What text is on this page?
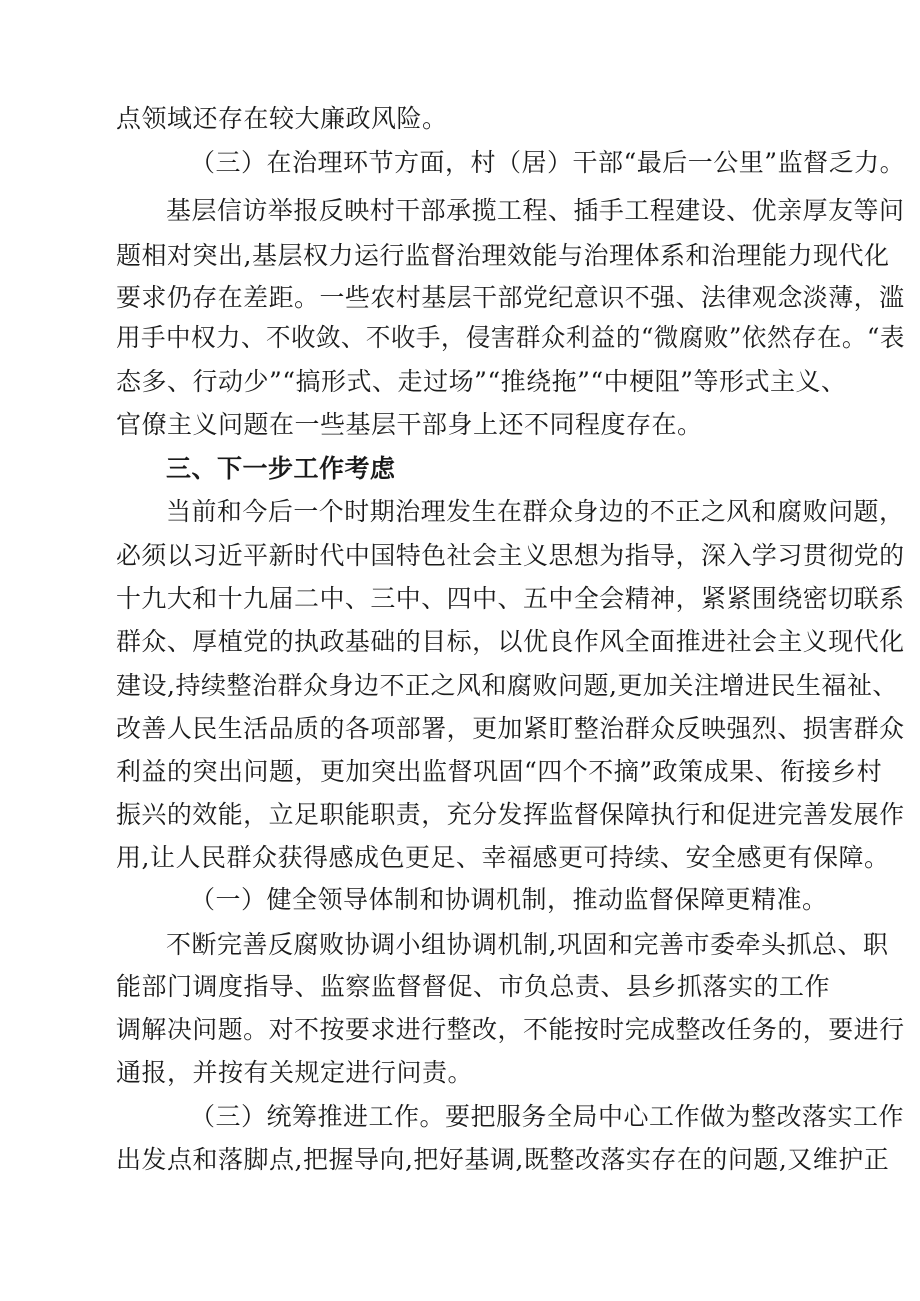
点领域还存在较大廉政风险。
（三）在治理环节方面，村（居）干部“最后一公里”监督乏力。
基层信访举报反映村干部承揽工程、插手工程建设、优亲厚友等问
题相对突出,基层权力运行监督治理效能与治理体系和治理能力现代化
要求仍存在差距。一些农村基层干部党纪意识不强、法律观念淡薄，滥
用手中权力、不收敛、不收手，侵害群众利益的“微腐败”依然存在。“表
态多、行动少”“搞形式、走过场”“推绕拖”“中梗阻”等形式主义、
官僚主义问题在一些基层干部身上还不同程度存在。
三、下一步工作考虑
当前和今后一个时期治理发生在群众身边的不正之风和腐败问题，
必须以习近平新时代中国特色社会主义思想为指导，深入学习贯彻党的
十九大和十九届二中、三中、四中、五中全会精神，紧紧围绕密切联系
群众、厚植党的执政基础的目标，以优良作风全面推进社会主义现代化
建设,持续整治群众身边不正之风和腐败问题,更加关注增进民生福祉、
改善人民生活品质的各项部署，更加紧盯整治群众反映强烈、损害群众
利益的突出问题，更加突出监督巩固“四个不摘”政策成果、衔接乡村
振兴的效能，立足职能职责，充分发挥监督保障执行和促进完善发展作
用,让人民群众获得感成色更足、幸福感更可持续、安全感更有保障。
（一）健全领导体制和协调机制，推动监督保障更精准。
不断完善反腐败协调小组协调机制,巩固和完善市委牵头抓总、职
能部门调度指导、监察监督督促、市负总责、县乡抓落实的工作
调解决问题。对不按要求进行整改，不能按时完成整改任务的，要进行
通报，并按有关规定进行问责。
（三）统筹推进工作。要把服务全局中心工作做为整改落实工作
出发点和落脚点,把握导向,把好基调,既整改落实存在的问题,又维护正
